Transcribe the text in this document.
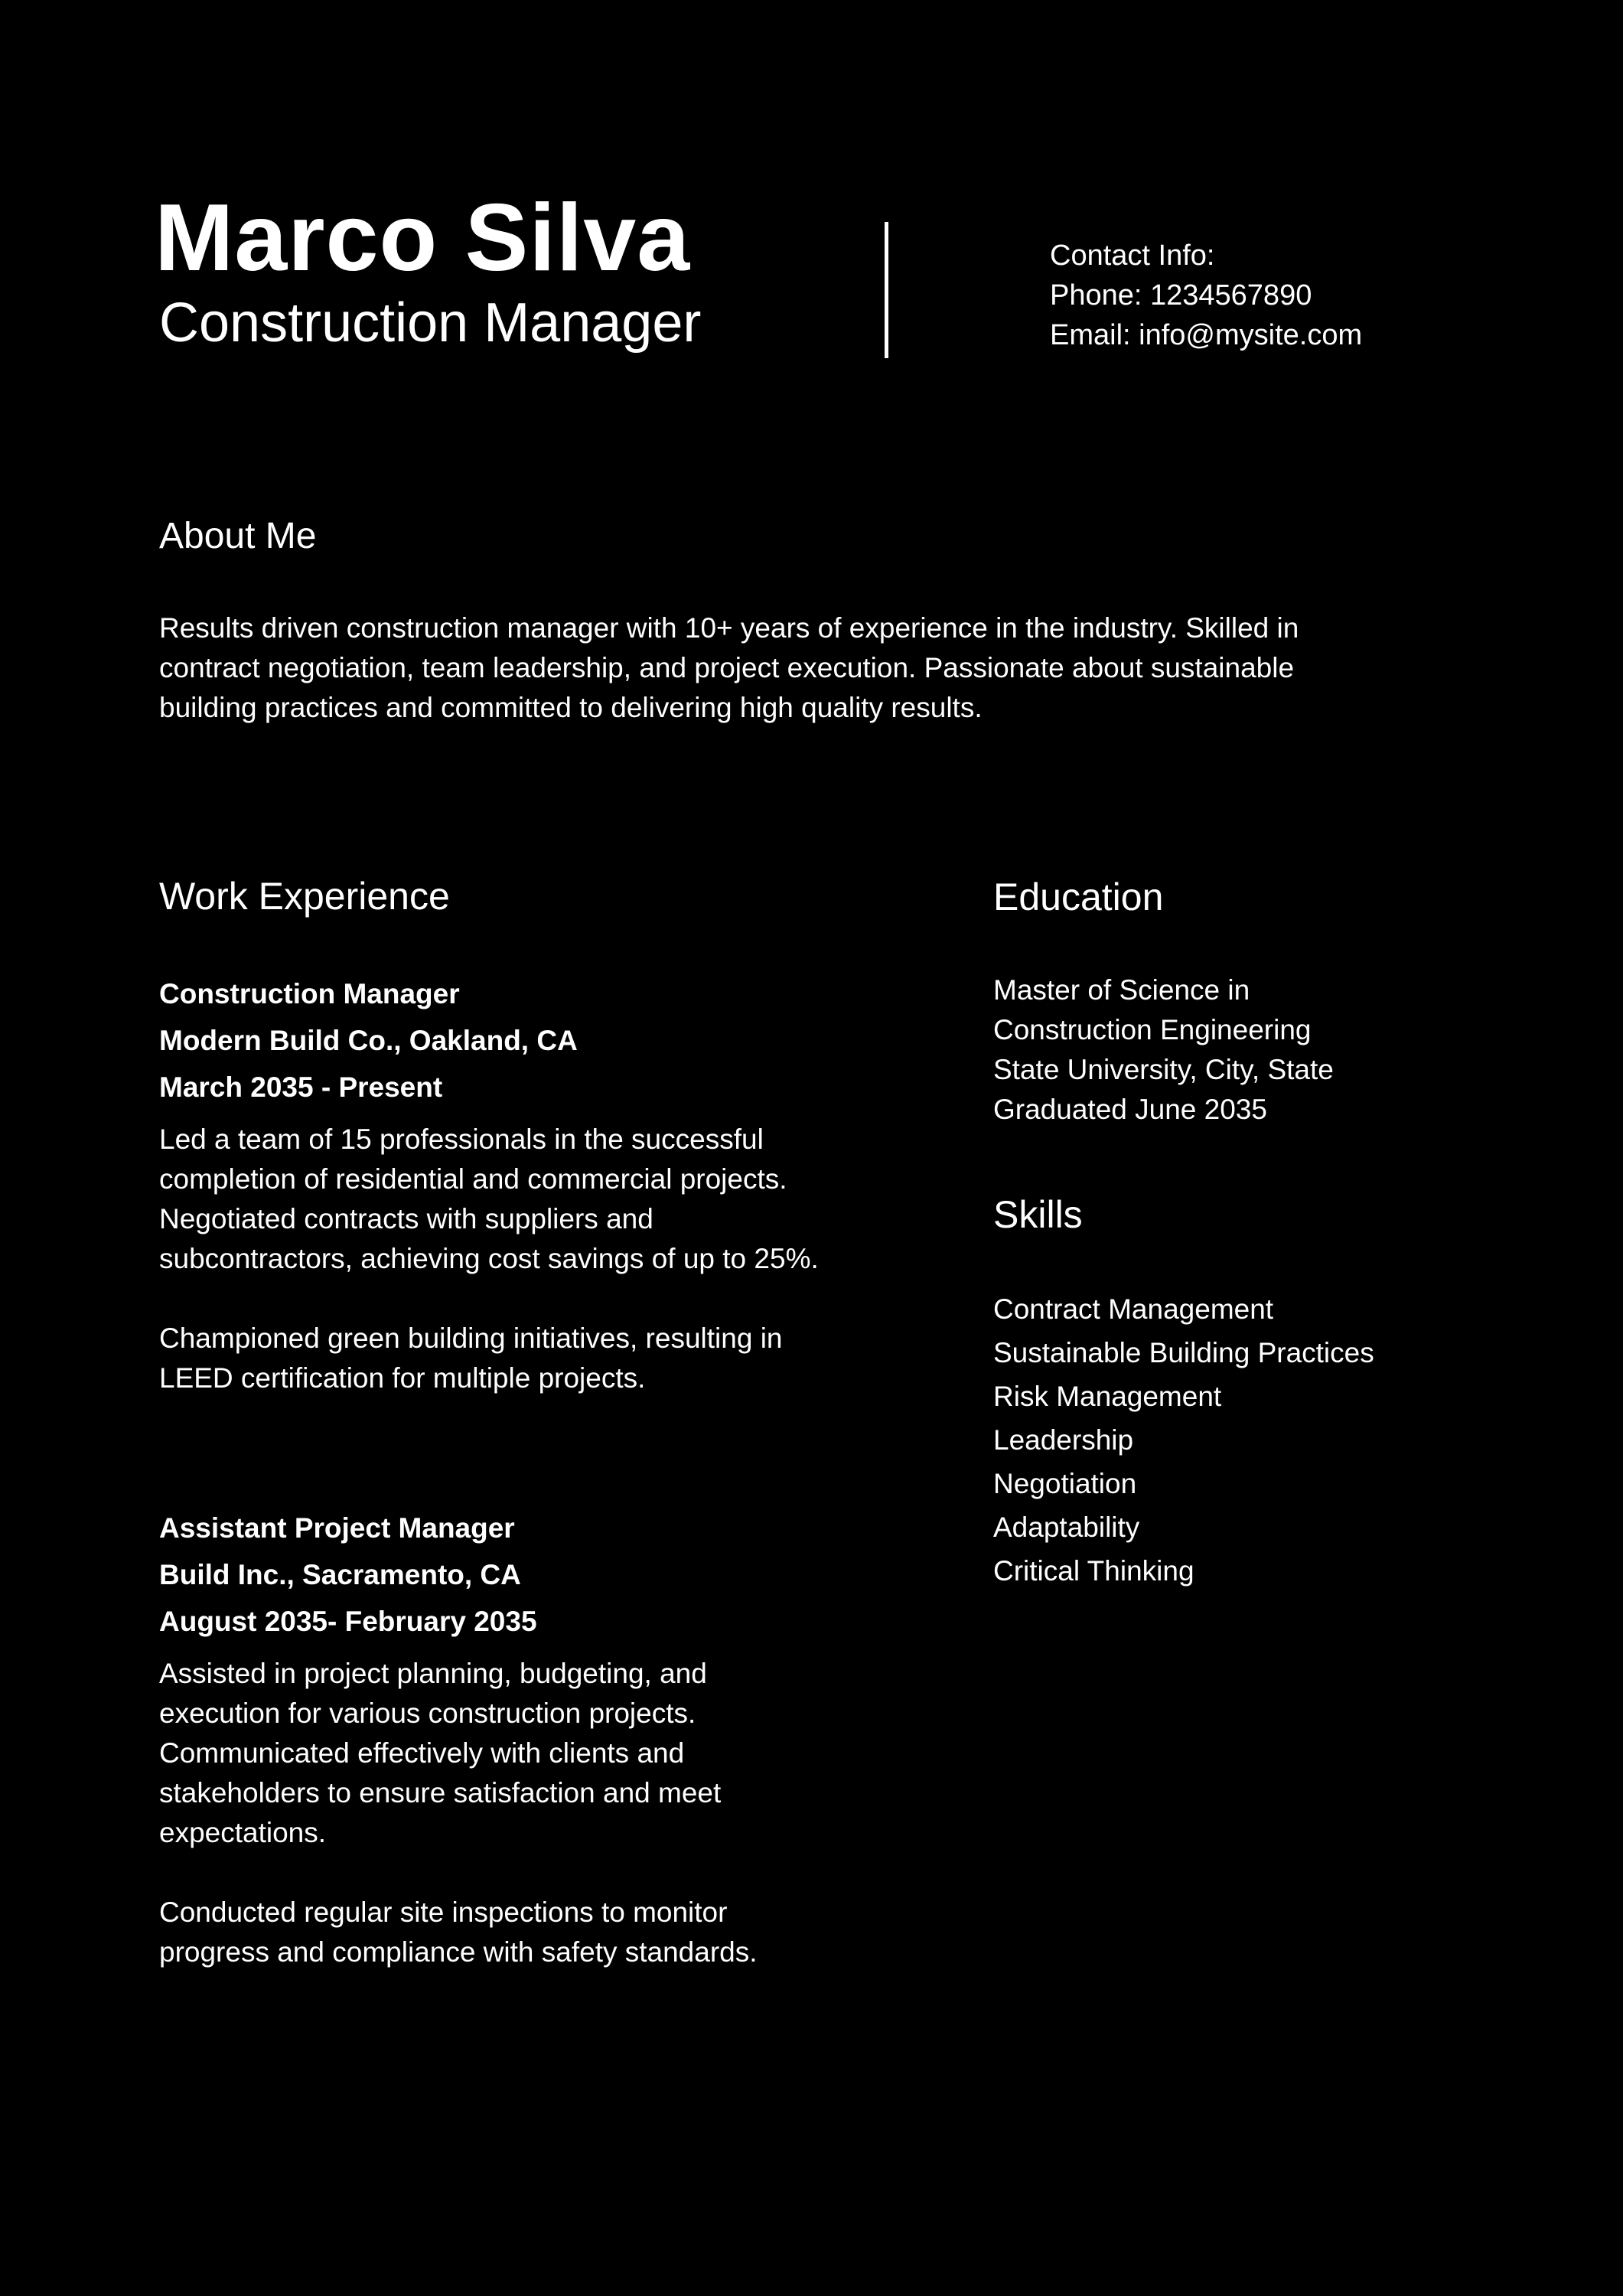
Marco Silva
Construction Manager
Contact Info:
Phone: 1234567890
Email: info@mysite.com
About Me
Results driven construction manager with 10+ years of experience in the industry. Skilled in contract negotiation, team leadership, and project execution. Passionate about sustainable building practices and committed to delivering high quality results.
Work Experience
Construction Manager
Modern Build Co., Oakland, CA
March 2035 - Present

Led a team of 15 professionals in the successful completion of residential and commercial projects. Negotiated contracts with suppliers and subcontractors, achieving cost savings of up to 25%.

Championed green building initiatives, resulting in LEED certification for multiple projects.

Assistant Project Manager
Build Inc., Sacramento, CA
August 2035- February 2035

Assisted in project planning, budgeting, and execution for various construction projects. Communicated effectively with clients and stakeholders to ensure satisfaction and meet expectations.

Conducted regular site inspections to monitor progress and compliance with safety standards.

Education
Master of Science in
Construction Engineering
State University, City, State
Graduated June 2035
Skills
Contract Management
Sustainable Building Practices
Risk Management
Leadership
Negotiation
Adaptability
Critical Thinking
